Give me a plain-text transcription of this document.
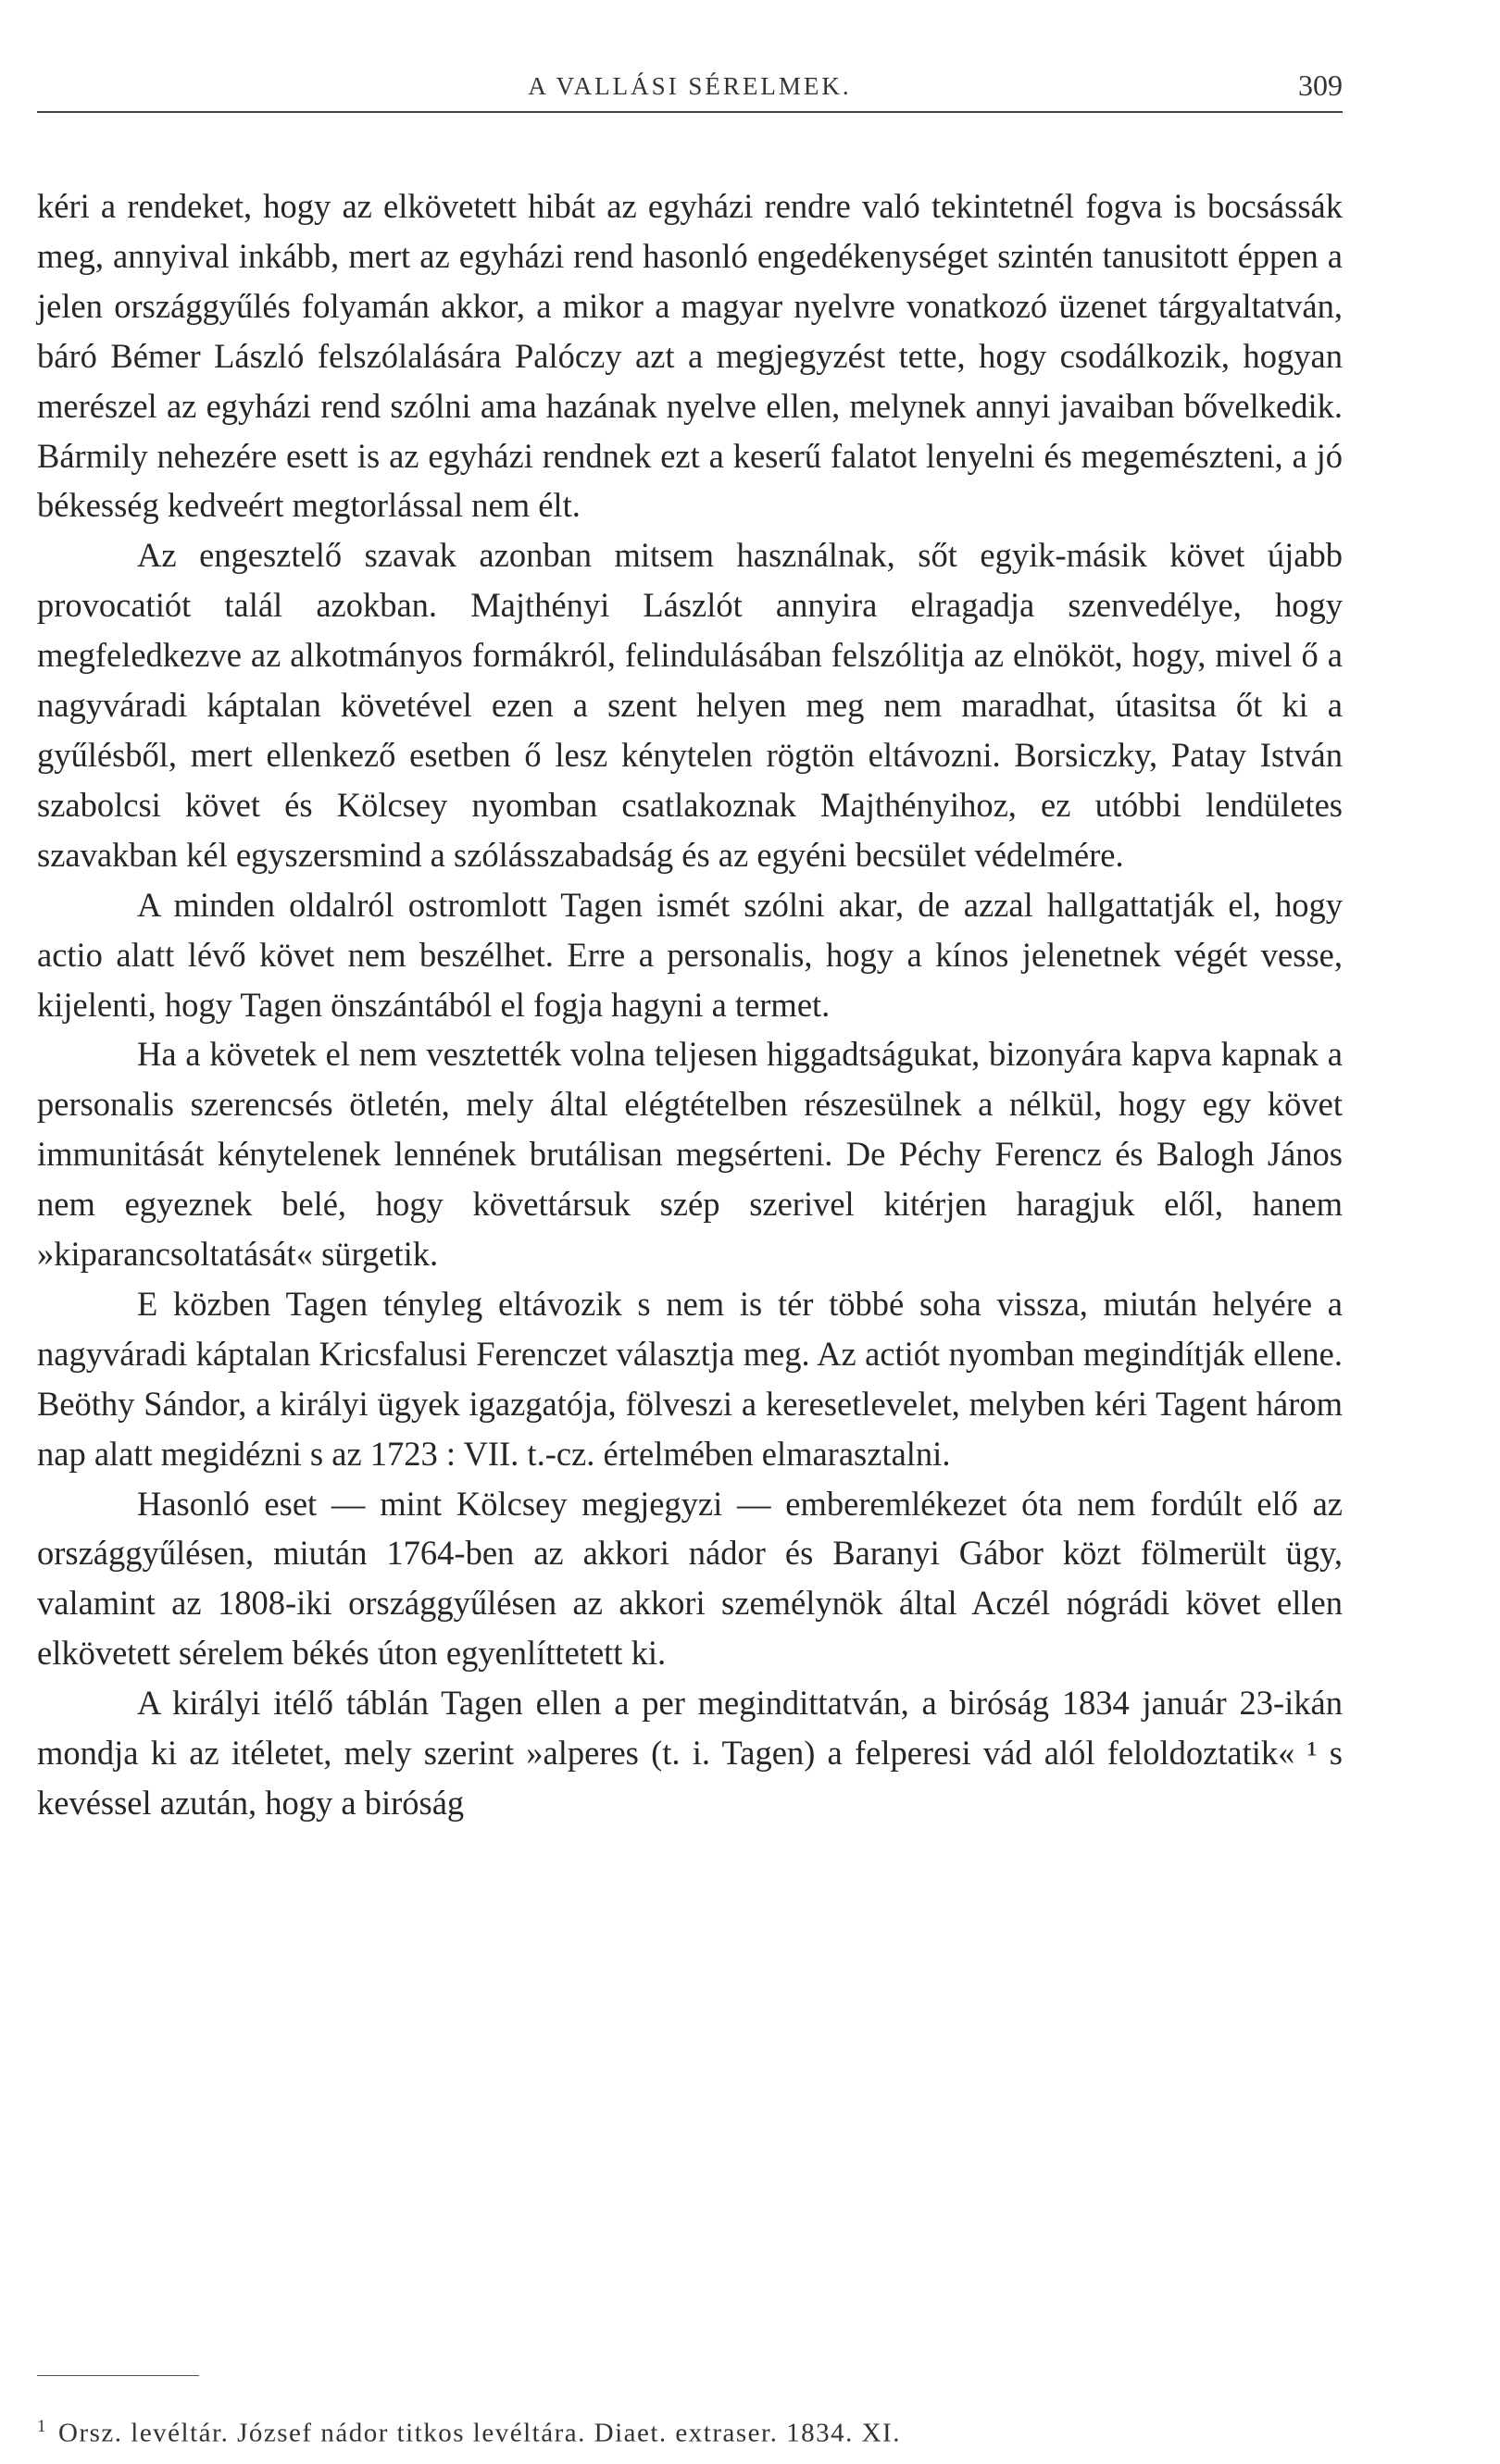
A VALLÁSI SÉRELMEK.	309

kéri a rendeket, hogy az elkövetett hibát az egyházi rendre való tekintetnél fogva is bocsássák meg, annyival inkább, mert az egyházi rend hasonló engedékenységet szintén tanusitott éppen a jelen országgyűlés folyamán akkor, a mikor a magyar nyelvre vonatkozó üzenet tárgyaltatván, báró Bémer László felszólalására Palóczy azt a megjegyzést tette, hogy csodálkozik, hogyan merészel az egyházi rend szólni ama hazának nyelve ellen, melynek annyi javaiban bővelkedik. Bármily nehezére esett is az egyházi rendnek ezt a keserű falatot lenyelni és megemészteni, a jó békesség kedveért megtorlással nem élt.

Az engesztelő szavak azonban mitsem használnak, sőt egyik-másik követ újabb provocatiót talál azokban. Majthényi Lászlót annyira elragadja szenvedélye, hogy megfeledkezve az alkotmányos formákról, felindulásában felszólitja az elnököt, hogy, mivel ő a nagyváradi káptalan követével ezen a szent helyen meg nem maradhat, útasitsa őt ki a gyűlésből, mert ellenkező esetben ő lesz kénytelen rögtön eltávozni. Borsiczky, Patay István szabolcsi követ és Kölcsey nyomban csatlakoznak Majthényihoz, ez utóbbi lendületes szavakban kél egyszersmind a szólásszabadság és az egyéni becsület védelmére.

A minden oldalról ostromlott Tagen ismét szólni akar, de azzal hallgattatják el, hogy actio alatt lévő követ nem beszélhet. Erre a personalis, hogy a kínos jelenetnek végét vesse, kijelenti, hogy Tagen önszántából el fogja hagyni a termet.

Ha a követek el nem vesztették volna teljesen higgadtságukat, bizonyára kapva kapnak a personalis szerencsés ötletén, mely által elégtételben részesülnek a nélkül, hogy egy követ immunitását kénytelenek lennének brutálisan megsérteni. De Péchy Ferencz és Balogh János nem egyeznek belé, hogy követtársuk szép szerivel kitérjen haragjuk elől, hanem »kiparancsoltatását« sürgetik.

E közben Tagen tényleg eltávozik s nem is tér többé soha vissza, miután helyére a nagyváradi káptalan Kricsfalusi Ferenczet választja meg. Az actiót nyomban megindítják ellene. Beöthy Sándor, a királyi ügyek igazgatója, fölveszi a keresetlevelet, melyben kéri Tagent három nap alatt megidézni s az 1723 : VII. t.-cz. értelmében elmarasztalni.

Hasonló eset — mint Kölcsey megjegyzi — emberemlékezet óta nem fordúlt elő az országgyűlésen, miután 1764-ben az akkori nádor és Baranyi Gábor közt fölmerült ügy, valamint az 1808-iki országgyűlésen az akkori személynök által Aczél nógrádi követ ellen elkövetett sérelem békés úton egyenlíttetett ki.

A királyi itélő táblán Tagen ellen a per megindittatván, a biróság 1834 január 23-ikán mondja ki az itéletet, mely szerint »alperes (t. i. Tagen) a felperesi vád alól feloldoztatik« ¹ s kevéssel azután, hogy a biróság

$^1$ Orsz. levéltár. József nádor titkos levéltára. Diaet. extraser. 1834. XI.
